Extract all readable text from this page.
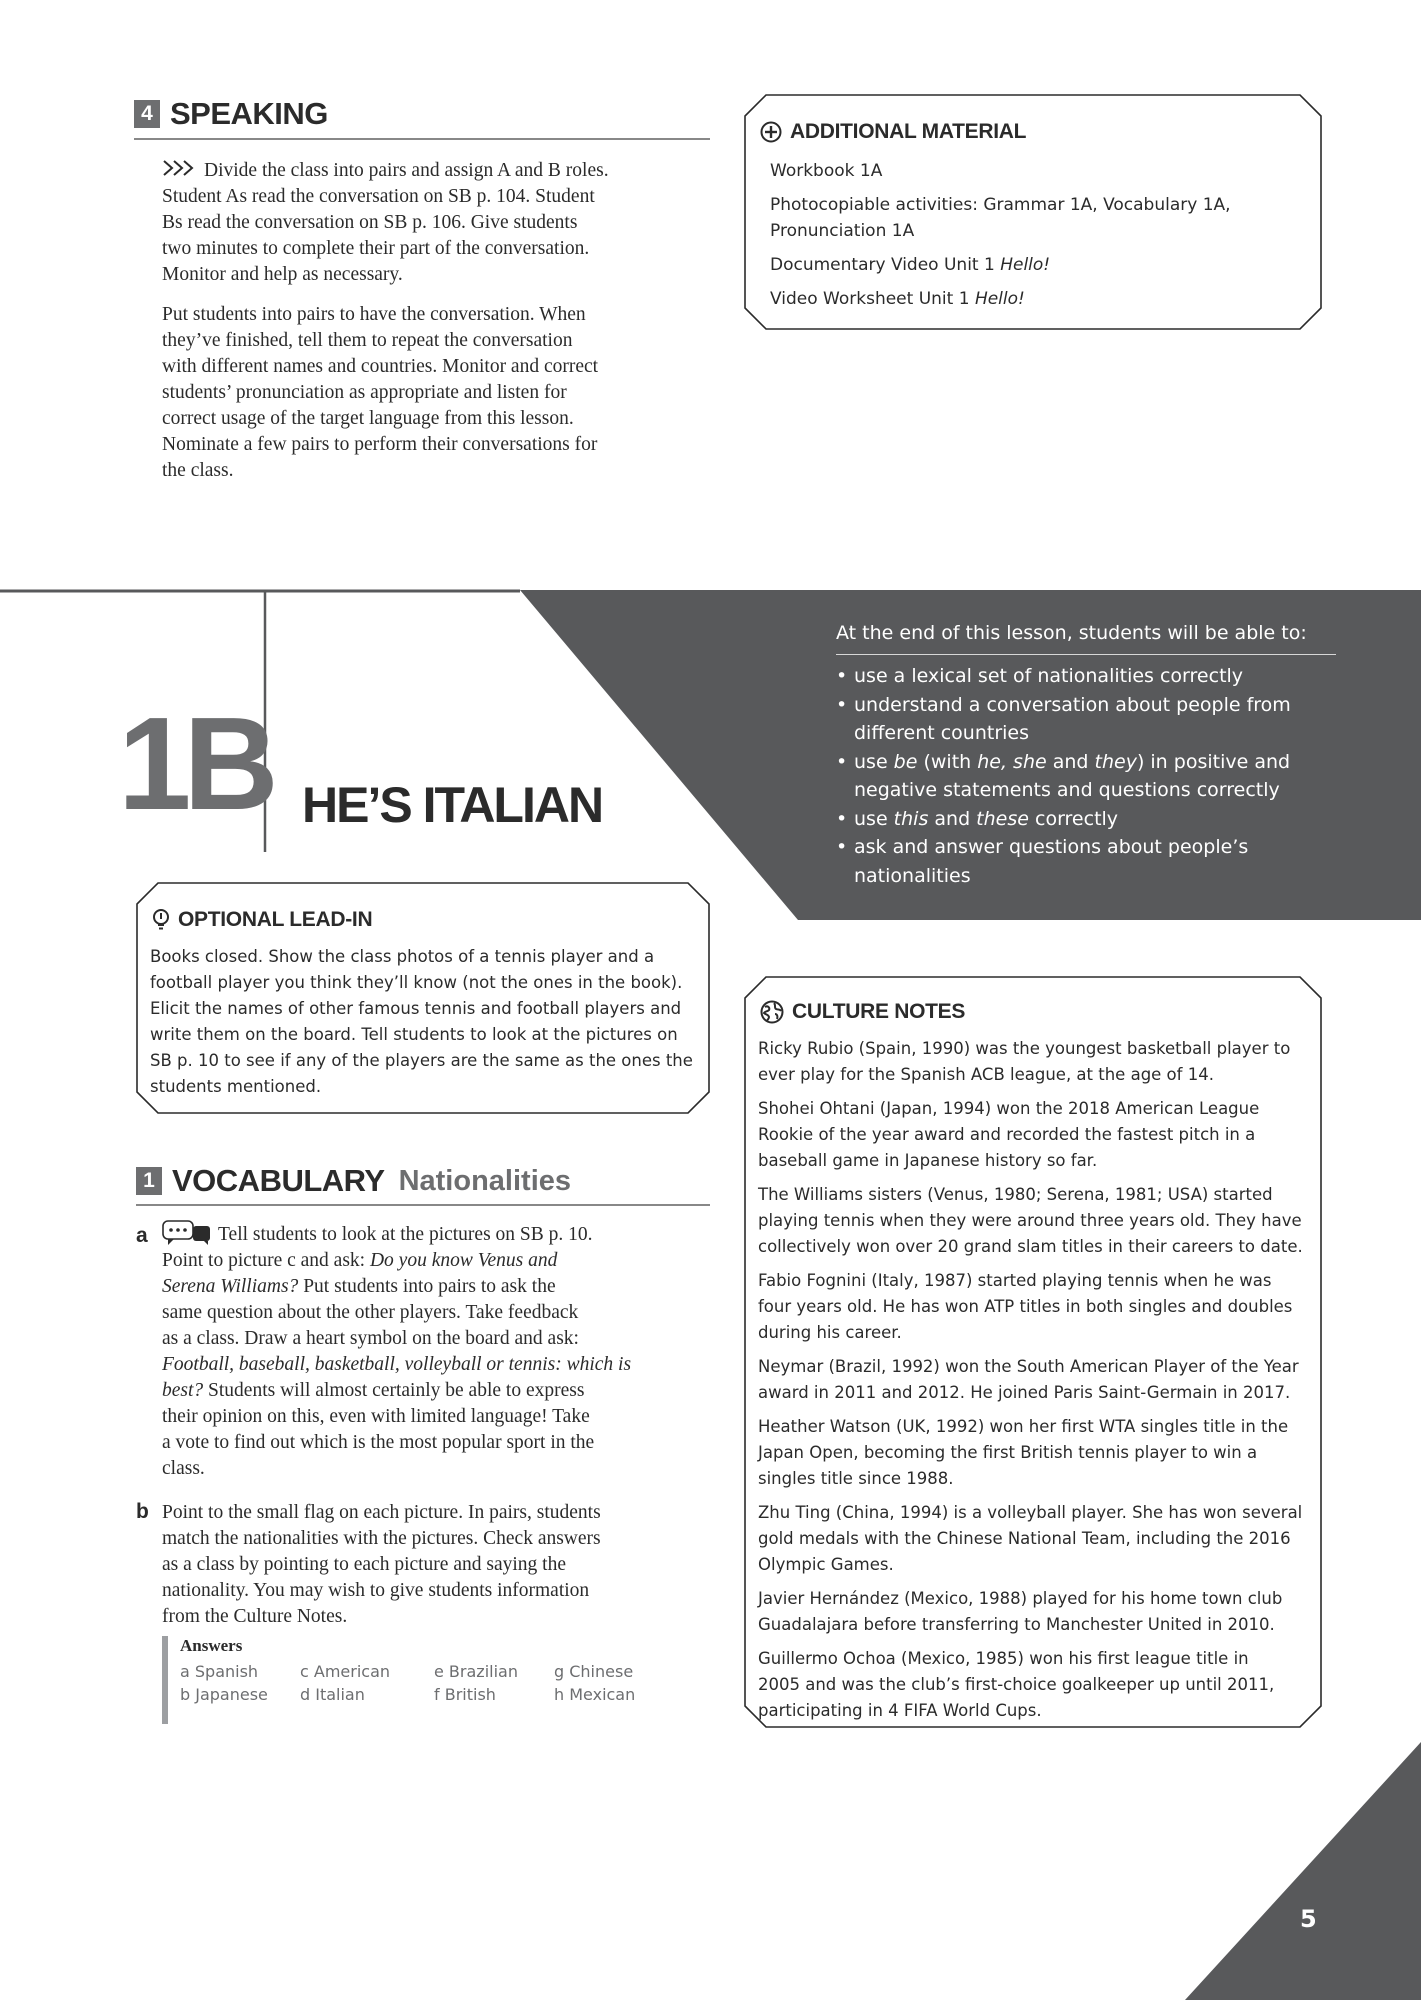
4 SPEAKING
Divide the class into pairs and assign A and B roles.
Student As read the conversation on SB p. 104. Student
Bs read the conversation on SB p. 106. Give students
two minutes to complete their part of the conversation.
Monitor and help as necessary.
Put students into pairs to have the conversation. When
they’ve finished, tell them to repeat the conversation
with different names and countries. Monitor and correct
students’ pronunciation as appropriate and listen for
correct usage of the target language from this lesson.
Nominate a few pairs to perform their conversations for
the class.
ADDITIONAL MATERIAL
Workbook 1A
Photocopiable activities: Grammar 1A, Vocabulary 1A,
Pronunciation 1A
Documentary Video Unit 1 Hello!
Video Worksheet Unit 1 Hello!
1B HE’S ITALIAN
At the end of this lesson, students will be able to:
• use a lexical set of nationalities correctly
• understand a conversation about people from different countries
• use be (with he, she and they) in positive and negative statements and questions correctly
• use this and these correctly
• ask and answer questions about people’s nationalities
OPTIONAL LEAD-IN
Books closed. Show the class photos of a tennis player and a
football player you think they’ll know (not the ones in the book).
Elicit the names of other famous tennis and football players and
write them on the board. Tell students to look at the pictures on
SB p. 10 to see if any of the players are the same as the ones the
students mentioned.
1 VOCABULARY Nationalities
a	Tell students to look at the pictures on SB p. 10.
Point to picture c and ask: Do you know Venus and
Serena Williams? Put students into pairs to ask the
same question about the other players. Take feedback
as a class. Draw a heart symbol on the board and ask:
Football, baseball, basketball, volleyball or tennis: which is
best? Students will almost certainly be able to express
their opinion on this, even with limited language! Take
a vote to find out which is the most popular sport in the
class.
b Point to the small flag on each picture. In pairs, students
match the nationalities with the pictures. Check answers
as a class by pointing to each picture and saying the
nationality. You may wish to give students information
from the Culture Notes.
Answers
a Spanish	c American	e Brazilian	g Chinese
b Japanese	d Italian	f British	h Mexican
CULTURE NOTES
Ricky Rubio (Spain, 1990) was the youngest basketball player to
ever play for the Spanish ACB league, at the age of 14.
Shohei Ohtani (Japan, 1994) won the 2018 American League
Rookie of the year award and recorded the fastest pitch in a
baseball game in Japanese history so far.
The Williams sisters (Venus, 1980; Serena, 1981; USA) started
playing tennis when they were around three years old. They have
collectively won over 20 grand slam titles in their careers to date.
Fabio Fognini (Italy, 1987) started playing tennis when he was
four years old. He has won ATP titles in both singles and doubles
during his career.
Neymar (Brazil, 1992) won the South American Player of the Year
award in 2011 and 2012. He joined Paris Saint-Germain in 2017.
Heather Watson (UK, 1992) won her first WTA singles title in the
Japan Open, becoming the first British tennis player to win a
singles title since 1988.
Zhu Ting (China, 1994) is a volleyball player. She has won several
gold medals with the Chinese National Team, including the 2016
Olympic Games.
Javier Hernández (Mexico, 1988) played for his home town club
Guadalajara before transferring to Manchester United in 2010.
Guillermo Ochoa (Mexico, 1985) won his first league title in
2005 and was the club’s first-choice goalkeeper up until 2011,
participating in 4 FIFA World Cups.
5
